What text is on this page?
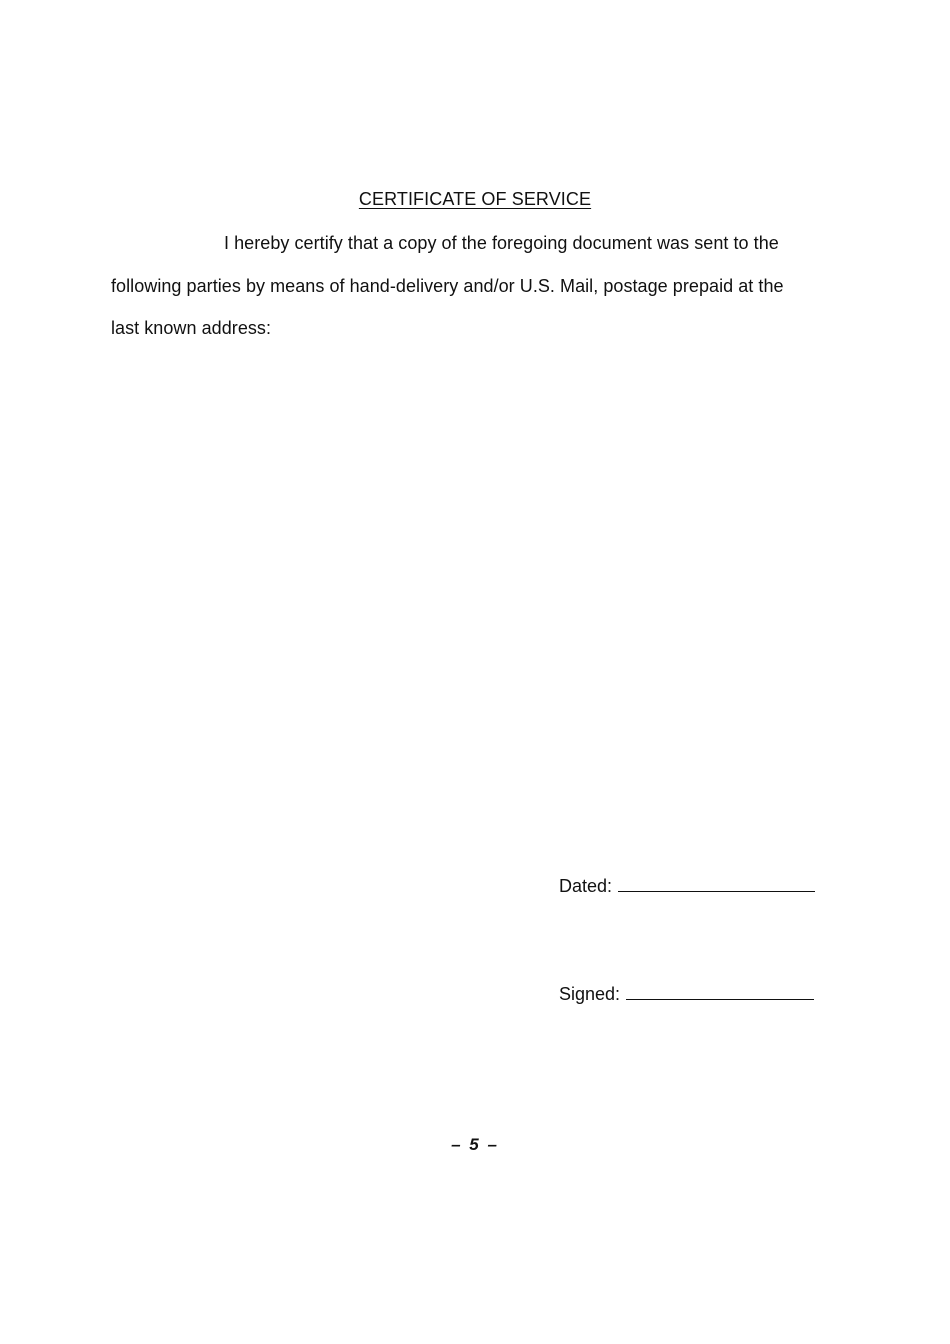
CERTIFICATE OF SERVICE
I hereby certify that a copy of the foregoing document was sent to the
following parties by means of hand-delivery and/or U.S. Mail, postage prepaid at the
last known address:
Dated:
Signed:
– 5 –
